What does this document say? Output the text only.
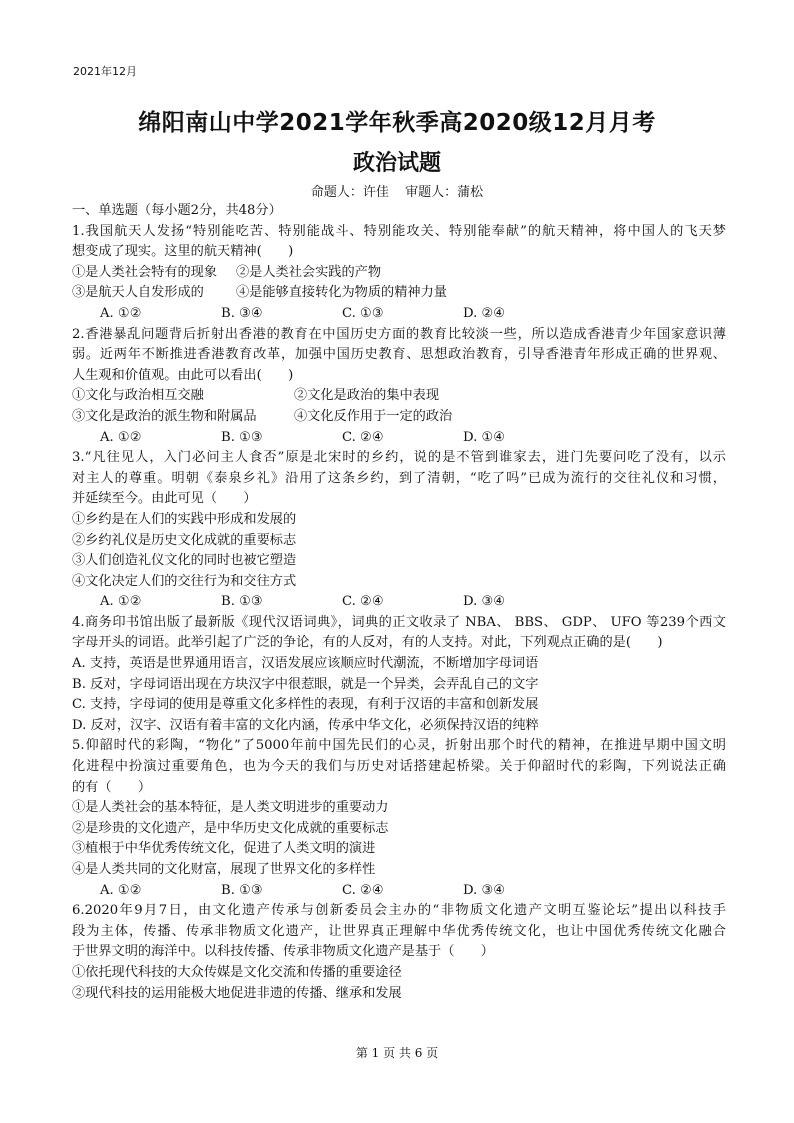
2021年12月
绵阳南山中学2021学年秋季高2020级12月月考
政治试题
命题人：许佳 审题人：蒲松
一、单选题（每小题2分，共48分）
1.我国航天人发扬“特别能吃苦、特别能战斗、特别能攻关、特别能奉献”的航天精神，将中国人的飞天梦
想变成了现实。这里的航天精神(　　)
①是人类社会特有的现象 ②是人类社会实践的产物
③是航天人自发形成的 ④是能够直接转化为物质的精神力量
A. ①②	B. ③④	C. ①③	D. ②④
2.香港暴乱问题背后折射出香港的教育在中国历史方面的教育比较淡一些，所以造成香港青少年国家意识薄
弱。近两年不断推进香港教育改革，加强中国历史教育、思想政治教育，引导香港青年形成正确的世界观、
人生观和价值观。由此可以看出(　　)
①文化与政治相互交融	②文化是政治的集中表现
③文化是政治的派生物和附属品	④文化反作用于一定的政治
A. ①②	B. ①③	C. ②④	D. ①④
3.“凡往见人，入门必问主人食否”原是北宋时的乡约，说的是不管到谁家去，进门先要问吃了没有，以示
对主人的尊重。明朝《泰泉乡礼》沿用了这条乡约，到了清朝，“吃了吗”已成为流行的交往礼仪和习惯，
并延续至今。由此可见（　　）
①乡约是在人们的实践中形成和发展的
②乡约礼仪是历史文化成就的重要标志
③人们创造礼仪文化的同时也被它塑造
④文化决定人们的交往行为和交往方式
A. ①②	B. ①③	C. ②④	D. ③④
4.商务印书馆出版了最新版《现代汉语词典》，词典的正文收录了 NBA、 BBS、 GDP、 UFO 等239个西文
字母开头的词语。此举引起了广泛的争论，有的人反对，有的人支持。对此，下列观点正确的是(　　)
A. 支持，英语是世界通用语言，汉语发展应该顺应时代潮流，不断增加字母词语
B. 反对，字母词语出现在方块汉字中很惹眼，就是一个异类，会弄乱自己的文字
C. 支持，字母词的使用是尊重文化多样性的表现，有利于汉语的丰富和创新发展
D. 反对，汉字、汉语有着丰富的文化内涵，传承中华文化，必须保持汉语的纯粹
5.仰韶时代的彩陶，“物化”了5000年前中国先民们的心灵，折射出那个时代的精神，在推进早期中国文明
化进程中扮演过重要角色，也为今天的我们与历史对话搭建起桥梁。关于仰韶时代的彩陶，下列说法正确
的有（　　）
①是人类社会的基本特征，是人类文明进步的重要动力
②是珍贵的文化遗产，是中华历史文化成就的重要标志
③植根于中华优秀传统文化，促进了人类文明的演进
④是人类共同的文化财富，展现了世界文化的多样性
A. ①②	B. ①③	C. ②④	D. ③④
6.2020年9月7日，由文化遗产传承与创新委员会主办的“非物质文化遗产文明互鉴论坛”提出以科技手
段为主体，传播、传承非物质文化遗产，让世界真正理解中华优秀传统文化，也让中国优秀传统文化融合
于世界文明的海洋中。以科技传播、传承非物质文化遗产是基于（　　）
①依托现代科技的大众传媒是文化交流和传播的重要途径
②现代科技的运用能极大地促进非遗的传播、继承和发展
第 1 页 共 6 页
